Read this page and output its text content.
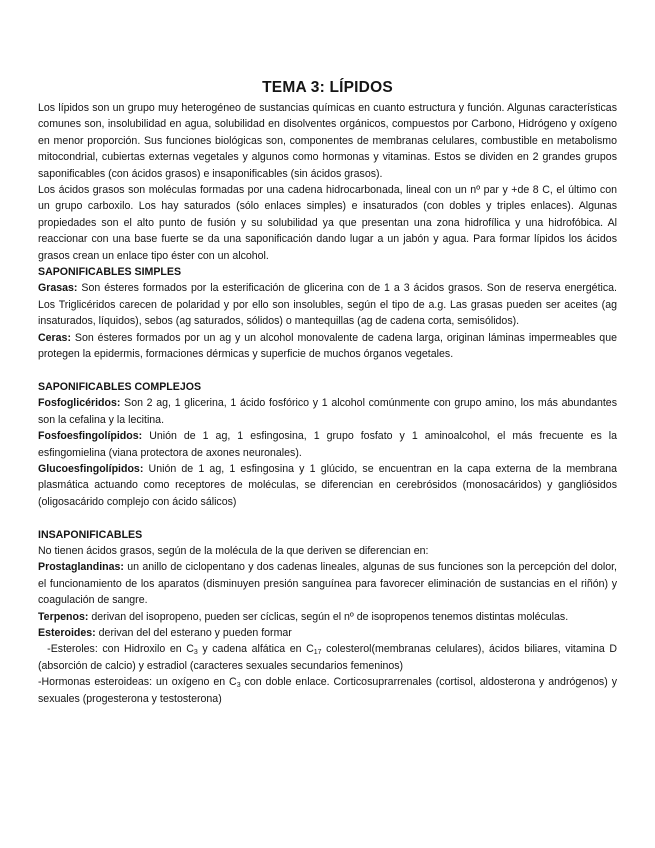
TEMA 3: LÍPIDOS

Los lípidos son un grupo muy heterogéneo de sustancias químicas en cuanto estructura y función. Algunas características comunes son, insolubilidad en agua, solubilidad en disolventes orgánicos, compuestos por Carbono, Hidrógeno y oxígeno en menor proporción. Sus funciones biológicas son, componentes de membranas celulares, combustible en metabolismo mitocondrial, cubiertas externas vegetales y algunos como hormonas y vitaminas. Estos se dividen en 2 grandes grupos saponificables (con ácidos grasos) e insaponificables (sin ácidos grasos).

Los ácidos grasos son moléculas formadas por una cadena hidrocarbonada, lineal con un nº par y +de 8 C, el último con un grupo carboxilo. Los hay saturados (sólo enlaces simples) e insaturados (con dobles y triples enlaces). Algunas propiedades son el alto punto de fusión y su solubilidad ya que presentan una zona hidrofílica y una hidrofóbica. Al reaccionar con una base fuerte se da una saponificación dando lugar a un jabón y agua. Para formar lípidos los ácidos grasos crean un enlace tipo éster con un alcohol.

SAPONIFICABLES SIMPLES

Grasas: Son ésteres formados por la esterificación de glicerina con de 1 a 3 ácidos grasos. Son de reserva energética. Los Triglicéridos carecen de polaridad y por ello son insolubles, según el tipo de a.g. Las grasas pueden ser aceites (ag insaturados, líquidos), sebos (ag saturados, sólidos) o mantequillas (ag de cadena corta, semisólidos).

Ceras: Son ésteres formados por un ag y un alcohol monovalente de cadena larga, originan láminas impermeables que protegen la epidermis, formaciones dérmicas y superficie de muchos órganos vegetales.

SAPONIFICABLES COMPLEJOS

Fosfoglicéridos: Son 2 ag, 1 glicerina, 1 ácido fosfórico y 1 alcohol comúnmente con grupo amino, los más abundantes son la cefalina y la lecitina.

Fosfoesfingolípidos: Unión de 1 ag, 1 esfingosina, 1 grupo fosfato y 1 aminoalcohol, el más frecuente es la esfingomielina (viana protectora de axones neuronales).

Glucoesfingolípidos: Unión de 1 ag, 1 esfingosina y 1 glúcido, se encuentran en la capa externa de la membrana plasmática actuando como receptores de moléculas, se diferencian en cerebrósidos (monosacáridos) y gangliósidos (oligosacárido complejo con ácido sálicos)

INSAPONIFICABLES

No tienen ácidos grasos, según de la molécula de la que deriven se diferencian en:

Prostaglandinas: un anillo de ciclopentano y dos cadenas lineales, algunas de sus funciones son la percepción del dolor, el funcionamiento de los aparatos (disminuyen presión sanguínea para favorecer eliminación de sustancias en el riñón) y coagulación de sangre.

Terpenos: derivan del isopropeno, pueden ser cíclicas, según el nº de isopropenos tenemos distintas moléculas.

Esteroides: derivan del del esterano y pueden formar

-Esteroles: con Hidroxilo en $C_3$ y cadena alfática en $C_{17}$ colesterol(membranas celulares), ácidos biliares, vitamina D (absorción de calcio) y estradiol (caracteres sexuales secundarios femeninos)

-Hormonas esteroideas: un oxígeno en $C_3$ con doble enlace. Corticosuprarrenales (cortisol, aldosterona y andrógenos) y sexuales (progesterona y testosterona)
